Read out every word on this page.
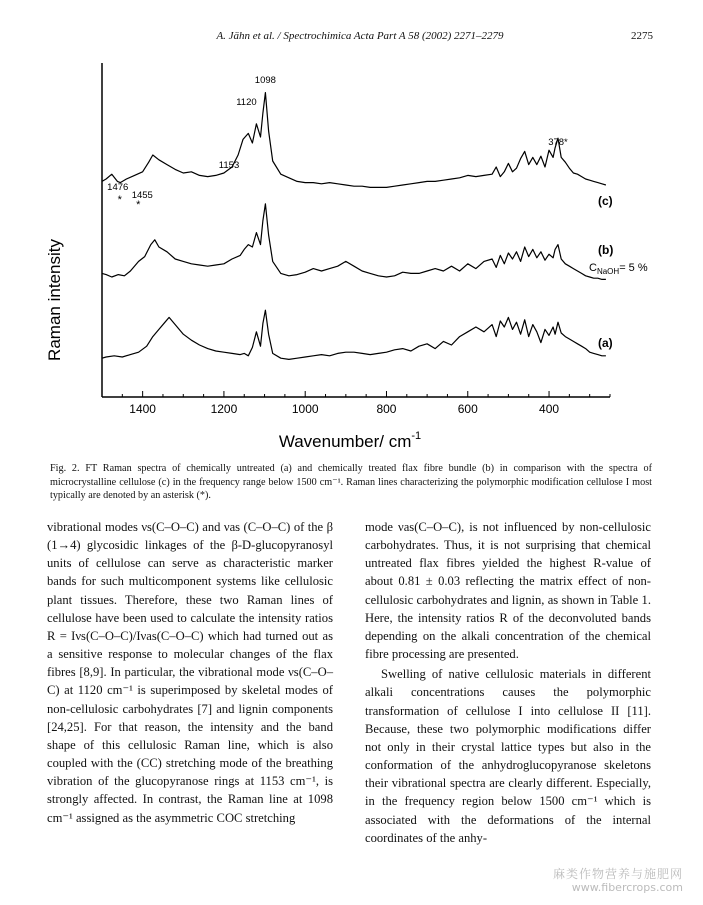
A. Jähn et al. / Spectrochimica Acta Part A 58 (2002) 2271–2279	2275
1400	1200	1000	800	600	400
1098
1120
1153
1476
1455
378*
* *	(c)
(b)
(a)
Raman intensity
Wavenumber/ $cm^{-1}$
$C_{NaOH}= 5$ %
Fig. 2. FT Raman spectra of chemically untreated (a) and chemically treated flax fibre bundle (b) in comparison with the spectra of microcrystalline cellulose (c) in the frequency range below 1500 cm⁻¹. Raman lines characterizing the polymorphic modification cellulose I most typically are denoted by an asterisk (*).

vibrational modes νs(C–O–C) and νas (C–O–C) of the β (1→4) glycosidic linkages of the β-D-glucopyranosyl units of cellulose can serve as characteristic marker bands for such multicomponent systems like cellulosic plant tissues. Therefore, these two Raman lines of cellulose have been used to calculate the intensity ratios R = Iνs(C–O–C)/Iνas(C–O–C) which had turned out as a sensitive response to molecular changes of the flax fibres [8,9]. In particular, the vibrational mode νs(C–O–C) at 1120 cm⁻¹ is superimposed by skeletal modes of non-cellulosic carbohydrates [7] and lignin components [24,25]. For that reason, the intensity and the band shape of this cellulosic Raman line, which is also coupled with the (CC) stretching mode of the breathing vibration of the glucopyranose rings at 1153 cm⁻¹, is strongly affected. In contrast, the Raman line at 1098 cm⁻¹ assigned as the asymmetric COC stretching

mode νas(C–O–C), is not influenced by non-cellulosic carbohydrates. Thus, it is not surprising that chemical untreated flax fibres yielded the highest R-value of about 0.81 ± 0.03 reflecting the matrix effect of non-cellulosic carbohydrates and lignin, as shown in Table 1. Here, the intensity ratios R of the deconvoluted bands depending on the alkali concentration of the chemical fibre processing are presented.

Swelling of native cellulosic materials in different alkali concentrations causes the polymorphic transformation of cellulose I into cellulose II [11]. Because, these two polymorphic modifications differ not only in their crystal lattice types but also in the conformation of the anhydroglucopyranose skeletons their vibrational spectra are clearly different. Especially, in the frequency region below 1500 cm⁻¹ which is associated with the deformations of the internal coordinates of the anhy-

麻类作物营养与施肥网
www.fibercrops.com
